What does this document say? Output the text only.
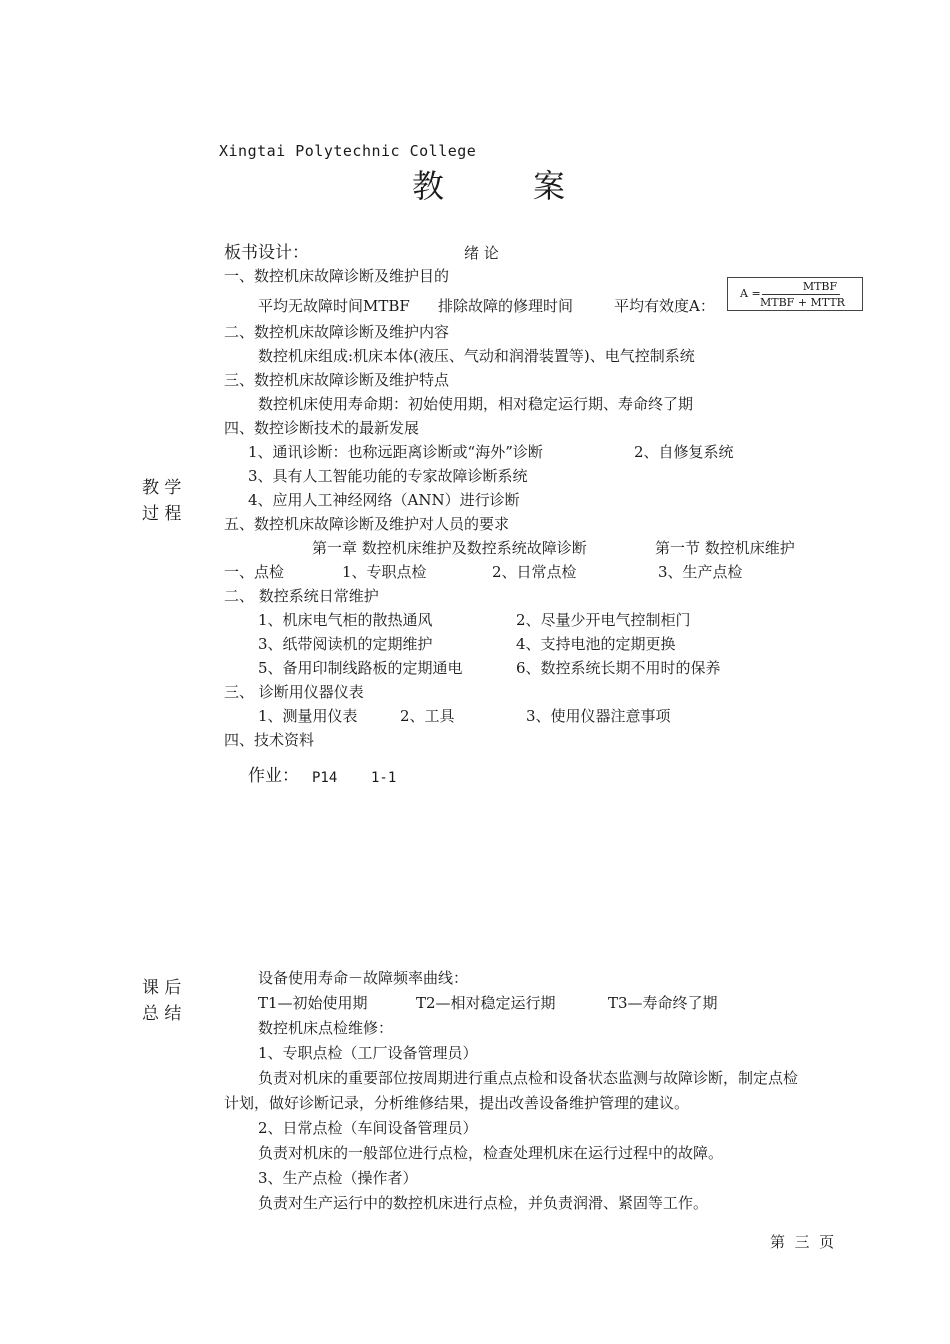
Xingtai Polytechnic College
教	案
教 学
过 程
课 后
总 结
板书设计：	绪 论
一、数控机床故障诊断及维护目的
平均无故障时间MTBF 排除故障的修理时间	平均有效度A：
A =
MTBF
MTBF + MTTR
二、数控机床故障诊断及维护内容
数控机床组成:机床本体(液压、气动和润滑装置等)、电气控制系统
三、数控机床故障诊断及维护特点
数控机床使用寿命期：初始使用期，相对稳定运行期、寿命终了期
四、数控诊断技术的最新发展
1、通讯诊断：也称远距离诊断或“海外”诊断	2、自修复系统
3、具有人工智能功能的专家故障诊断系统
4、应用人工神经网络（ANN）进行诊断
五、数控机床故障诊断及维护对人员的要求
第一章 数控机床维护及数控系统故障诊断	第一节 数控机床维护
一、点检	1、专职点检	2、日常点检	3、生产点检
二、 数控系统日常维护
1、机床电气柜的散热通风	2、尽量少开电气控制柜门
3、纸带阅读机的定期维护	4、支持电池的定期更换
5、备用印制线路板的定期通电	6、数控系统长期不用时的保养
三、 诊断用仪器仪表
1、测量用仪表	2、工具	3、使用仪器注意事项
四、技术资料
作业： P14    1-1
设备使用寿命－故障频率曲线：
T1—初始使用期	T2—相对稳定运行期	T3—寿命终了期
数控机床点检维修：
1、专职点检（工厂设备管理员）
负责对机床的重要部位按周期进行重点点检和设备状态监测与故障诊断，制定点检
计划，做好诊断记录，分析维修结果，提出改善设备维护管理的建议。
2、日常点检（车间设备管理员）
负责对机床的一般部位进行点检，检查处理机床在运行过程中的故障。
3、生产点检（操作者）
负责对生产运行中的数控机床进行点检，并负责润滑、紧固等工作。
第  三  页
